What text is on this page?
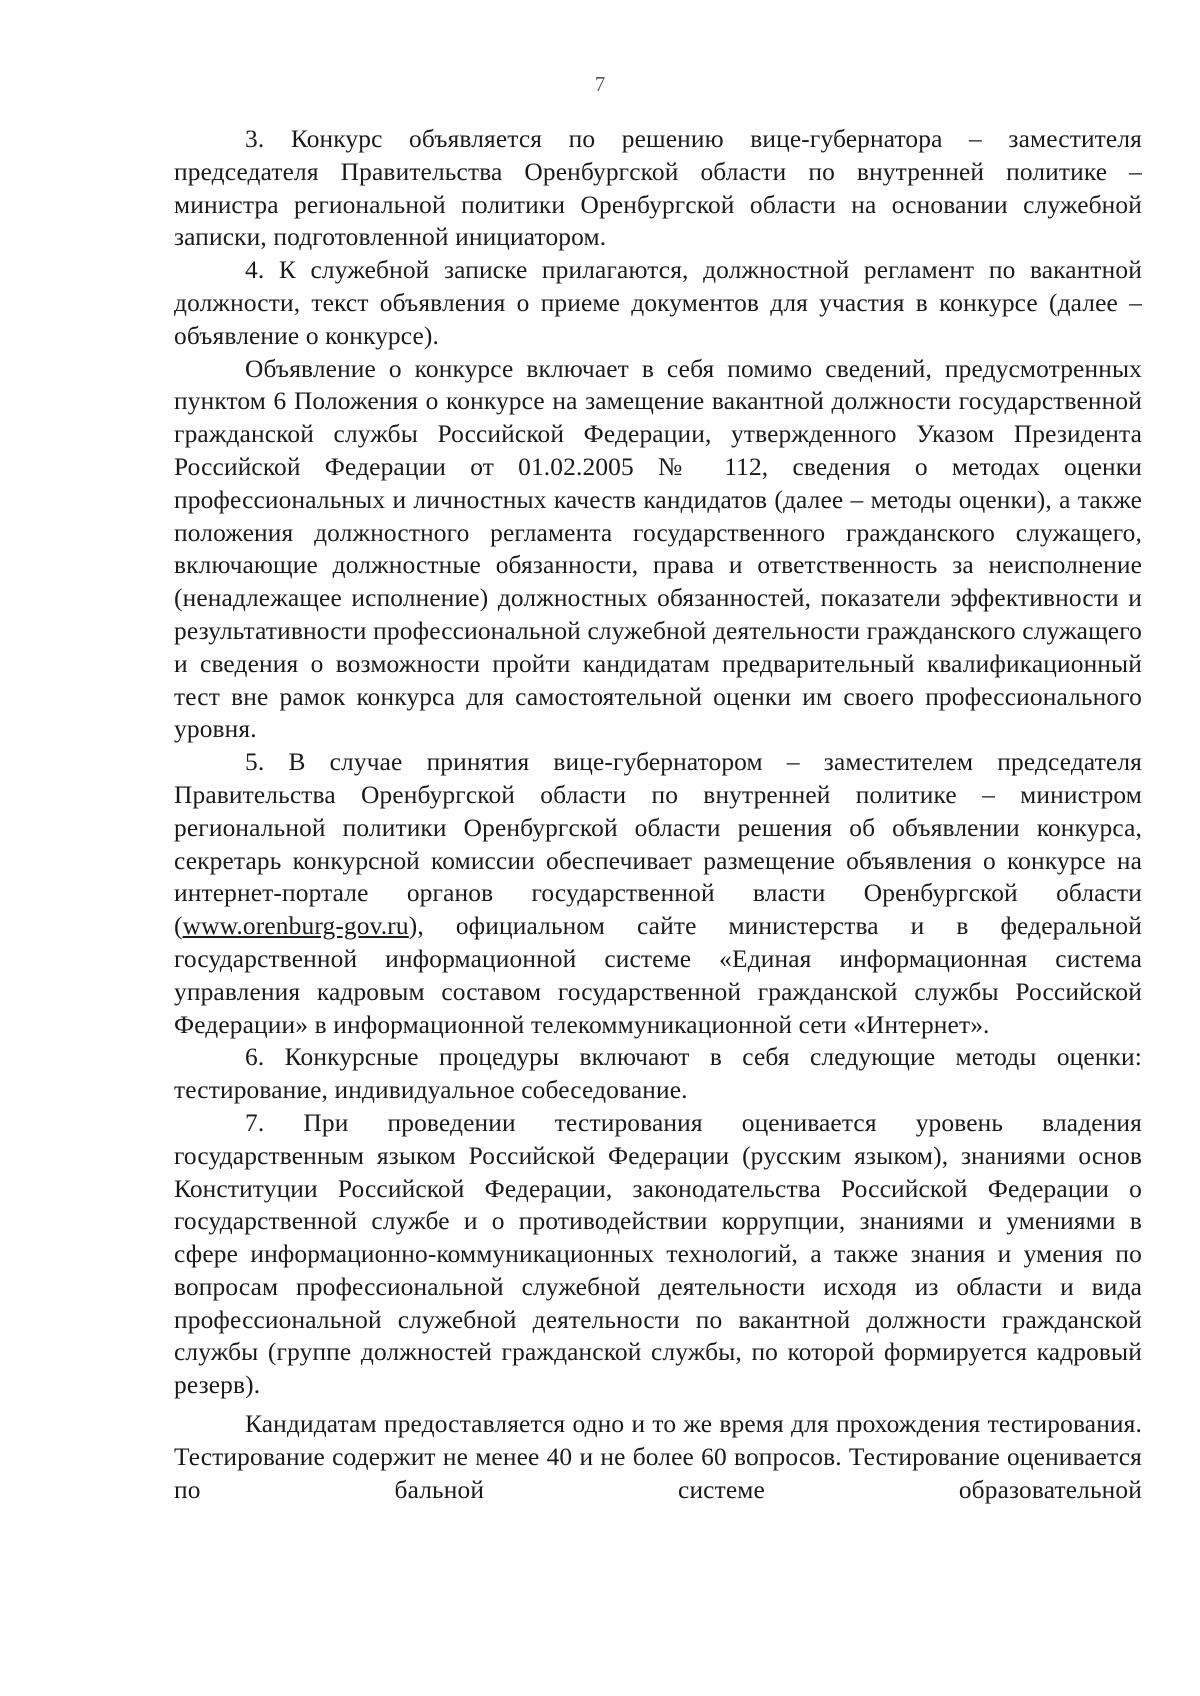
7

3. Конкурс объявляется по решению вице-губернатора – заместителя председателя Правительства Оренбургской области по внутренней политике – министра региональной политики Оренбургской области на основании служебной записки, подготовленной инициатором.

4. К служебной записке прилагаются, должностной регламент по вакантной должности, текст объявления о приеме документов для участия в конкурсе (далее – объявление о конкурсе).

Объявление о конкурсе включает в себя помимо сведений, предусмотренных пунктом 6 Положения о конкурсе на замещение вакантной должности государственной гражданской службы Российской Федерации, утвержденного Указом Президента Российской Федерации от 01.02.2005 № 112, сведения о методах оценки профессиональных и личностных качеств кандидатов (далее – методы оценки), а также положения должностного регламента государственного гражданского служащего, включающие должностные обязанности, права и ответственность за неисполнение (ненадлежащее исполнение) должностных обязанностей, показатели эффективности и результативности профессиональной служебной деятельности гражданского служащего и сведения о возможности пройти кандидатам предварительный квалификационный тест вне рамок конкурса для самостоятельной оценки им своего профессионального уровня.

5. В случае принятия вице-губернатором – заместителем председателя Правительства Оренбургской области по внутренней политике – министром региональной политики Оренбургской области решения об объявлении конкурса, секретарь конкурсной комиссии обеспечивает размещение объявления о конкурсе на интернет-портале органов государственной власти Оренбургской области (www.orenburg-gov.ru), официальном сайте министерства и в федеральной государственной информационной системе «Единая информационная система управления кадровым составом государственной гражданской службы Российской Федерации» в информационной телекоммуникационной сети «Интернет».

6. Конкурсные процедуры включают в себя следующие методы оценки: тестирование, индивидуальное собеседование.

7. При проведении тестирования оценивается уровень владения государственным языком Российской Федерации (русским языком), знаниями основ Конституции Российской Федерации, законодательства Российской Федерации о государственной службе и о противодействии коррупции, знаниями и умениями в сфере информационно-коммуникационных технологий, а также знания и умения по вопросам профессиональной служебной деятельности исходя из области и вида профессиональной служебной деятельности по вакантной должности гражданской службы (группе должностей гражданской службы, по которой формируется кадровый резерв).

Кандидатам предоставляется одно и то же время для прохождения тестирования. Тестирование содержит не менее 40 и не более 60 вопросов. Тестирование оценивается по бальной системе образовательной
